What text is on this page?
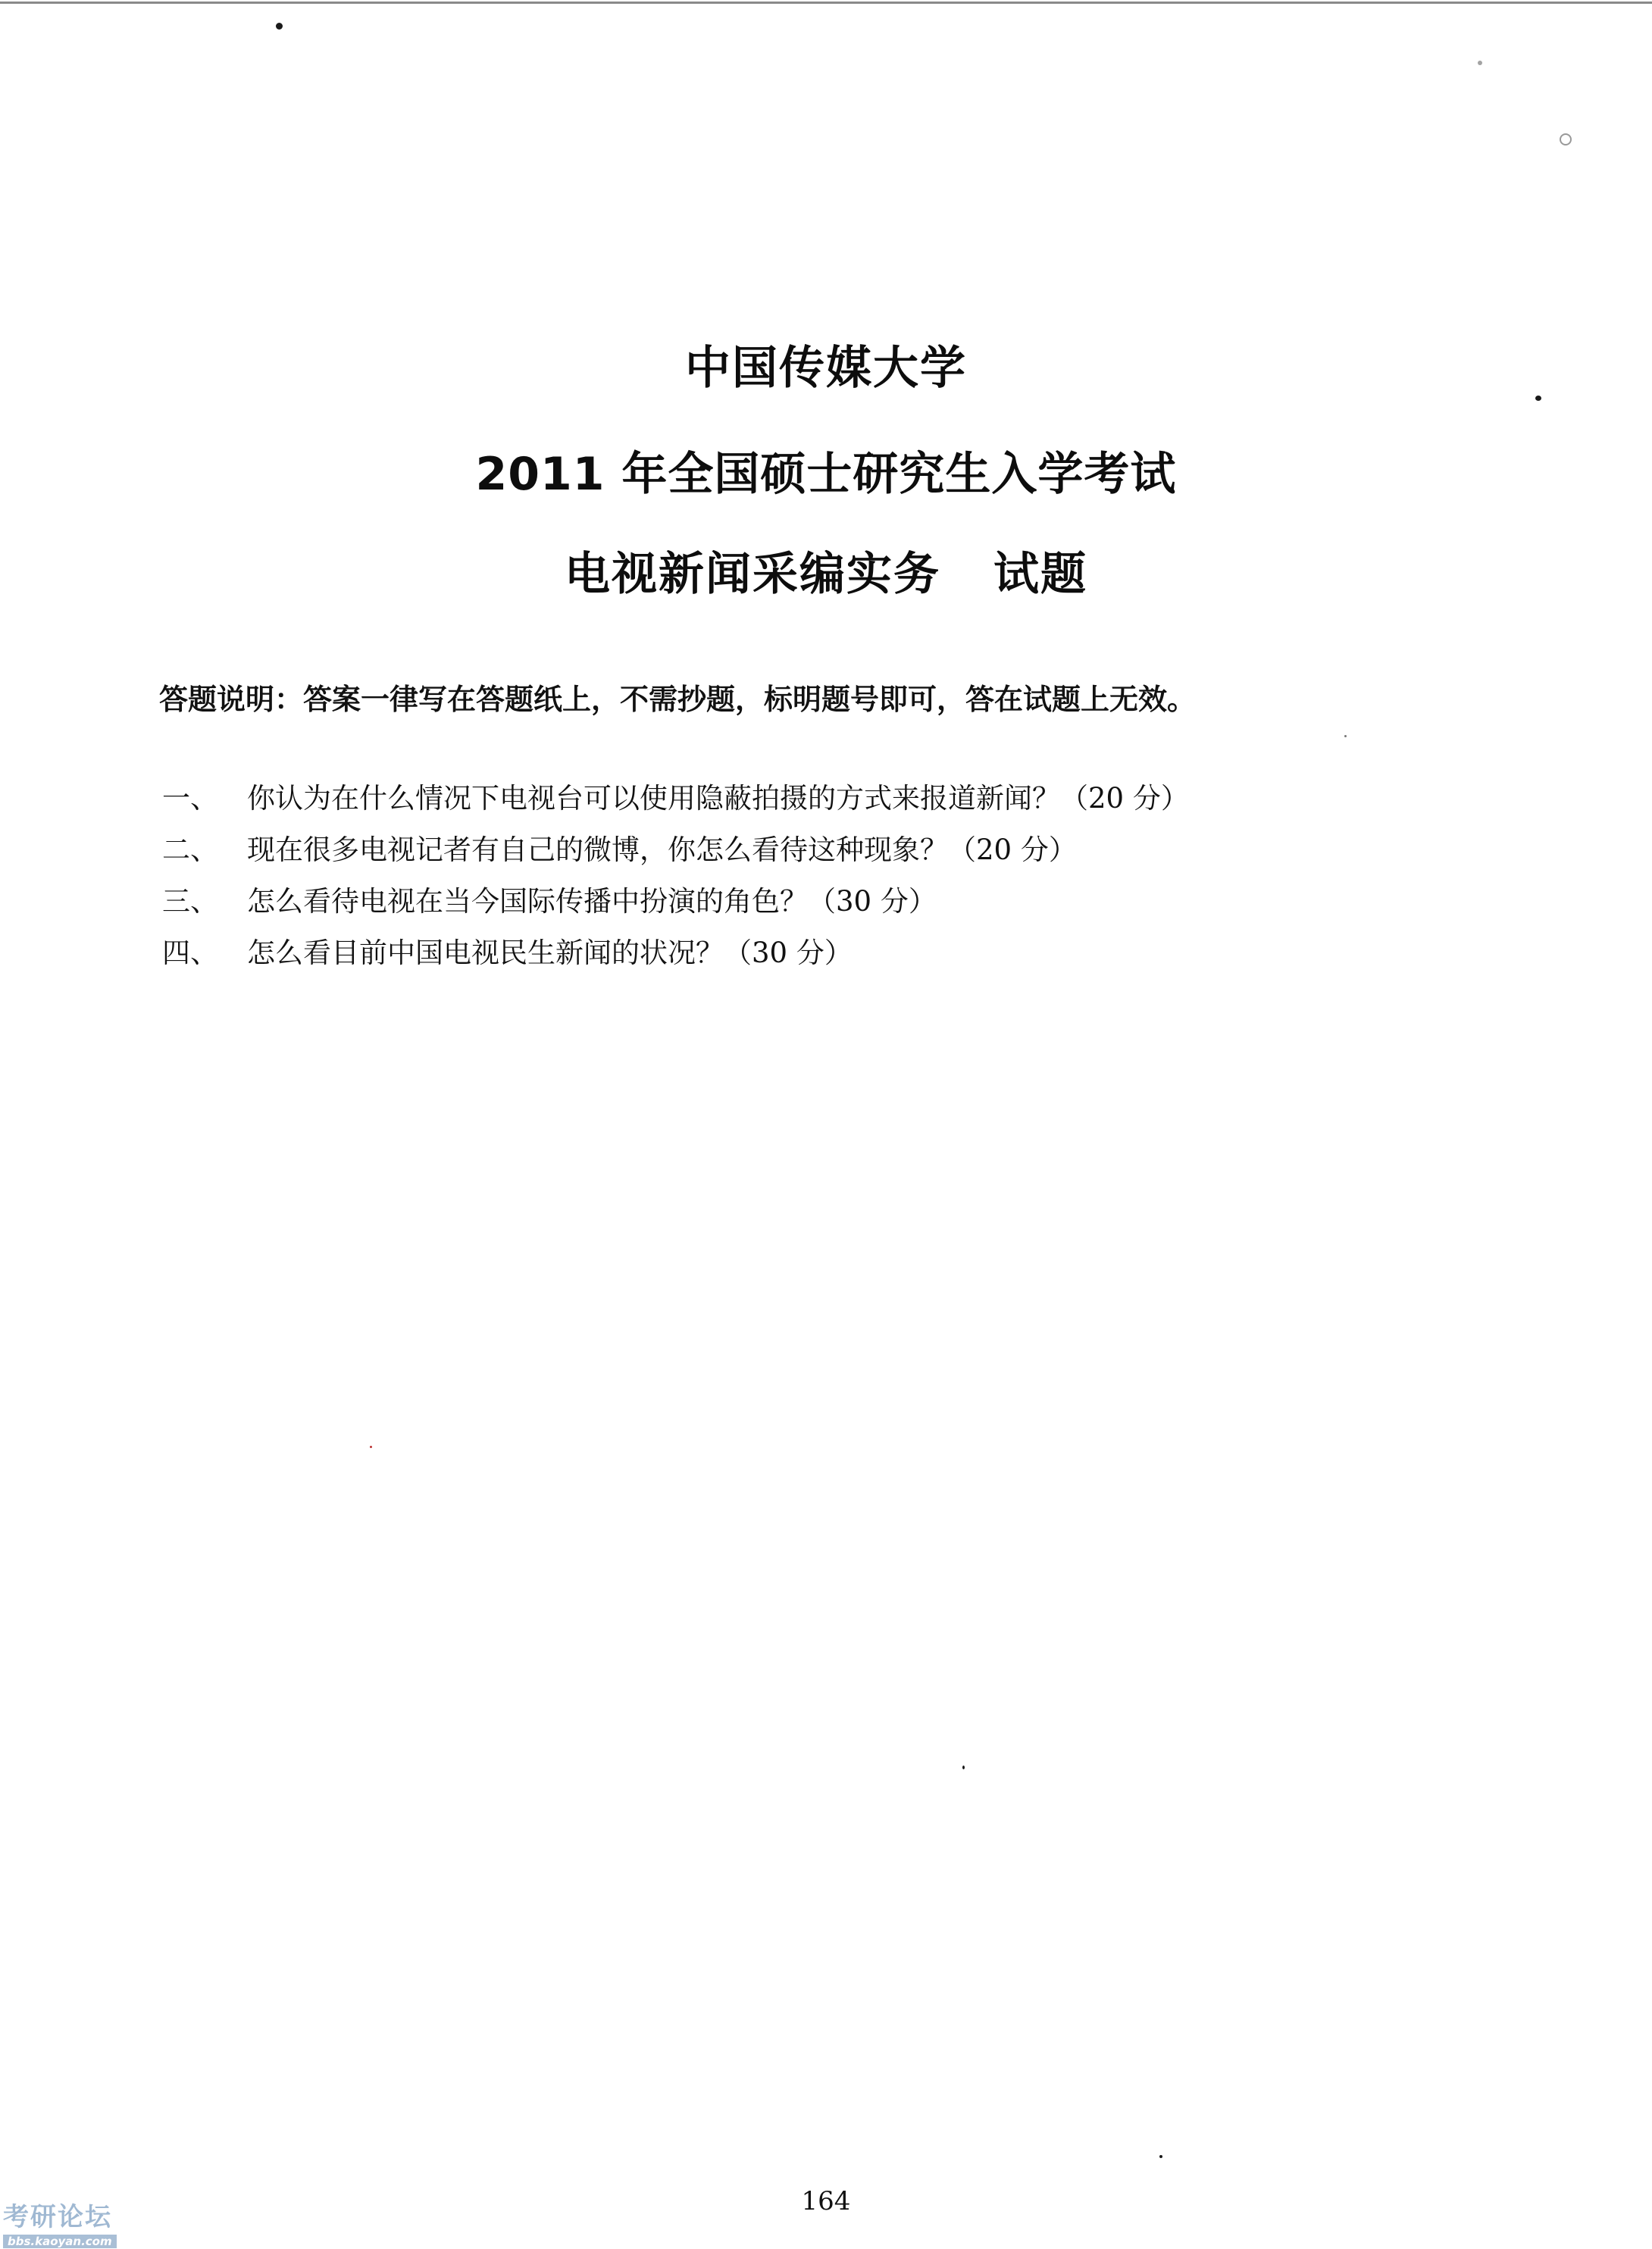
中国传媒大学
2011 年全国硕士研究生入学考试
电视新闻采编实务 试题
答题说明：答案一律写在答题纸上，不需抄题，标明题号即可，答在试题上无效。
一、	你认为在什么情况下电视台可以使用隐蔽拍摄的方式来报道新闻？（20 分）
二、	现在很多电视记者有自己的微博，你怎么看待这种现象？（20 分）
三、	怎么看待电视在当今国际传播中扮演的角色？（30 分）
四、	怎么看目前中国电视民生新闻的状况？（30 分）
164
考研论坛
bbs.kaoyan.com
